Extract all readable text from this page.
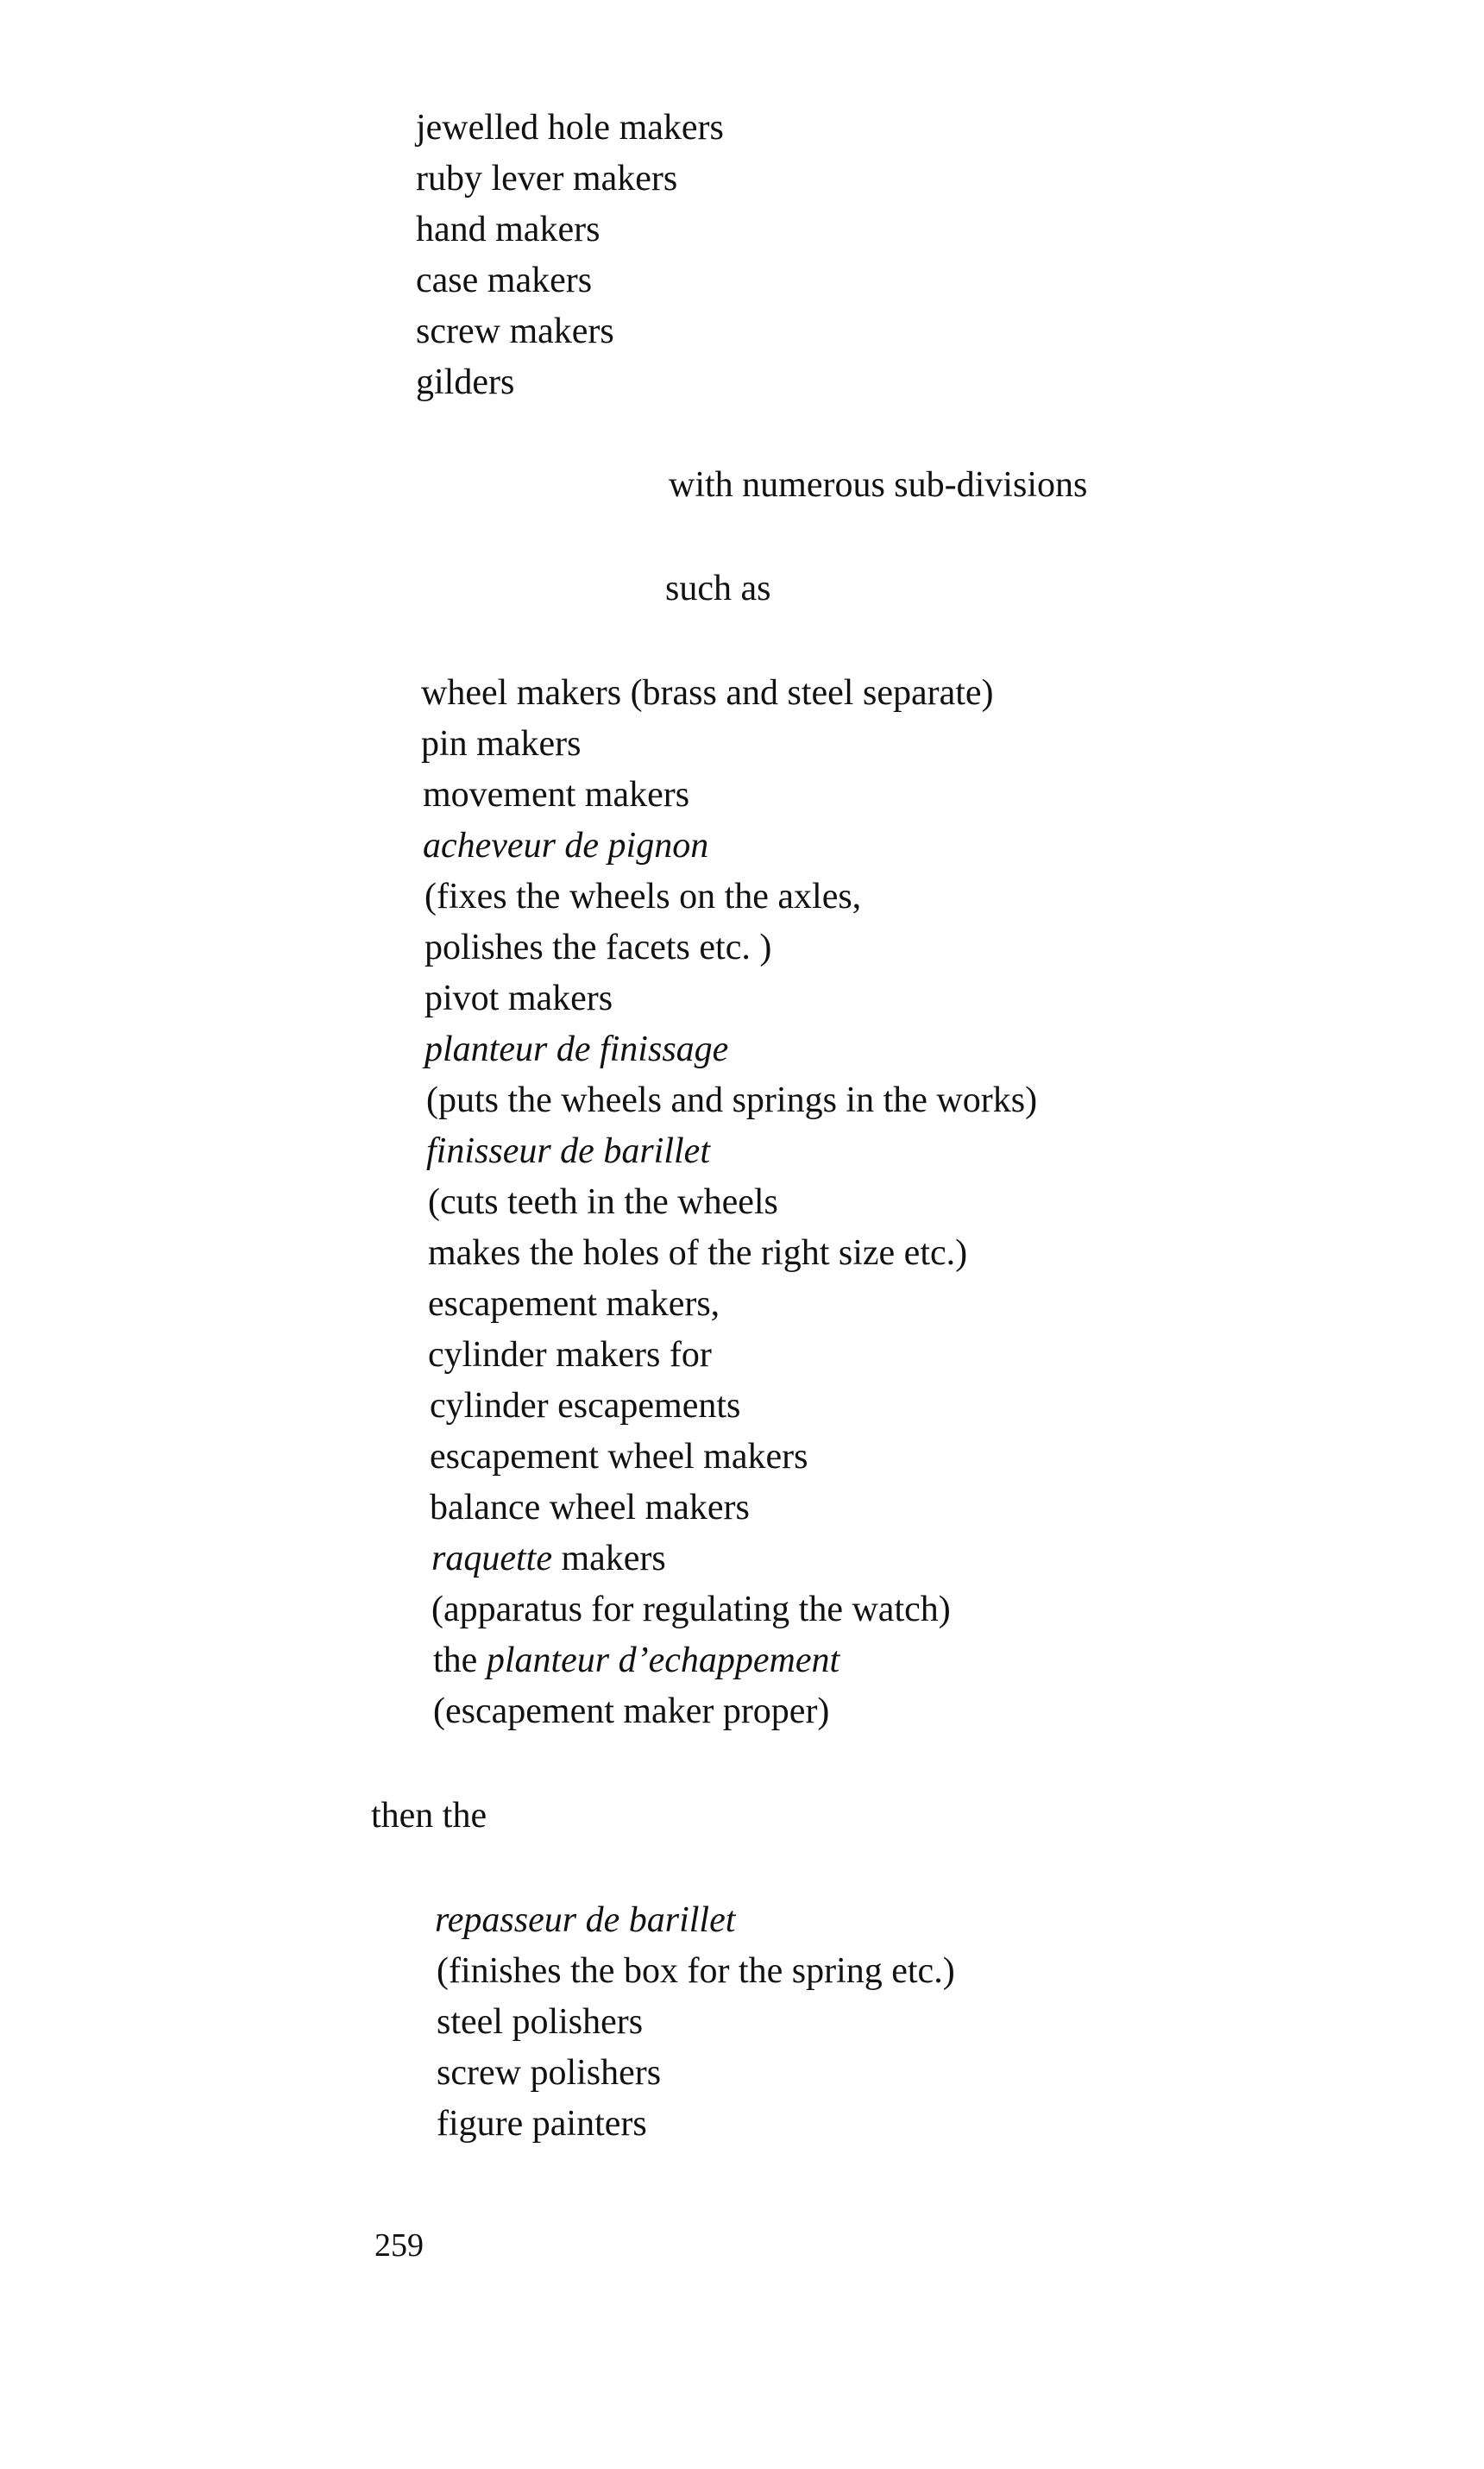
jewelled hole makers
ruby lever makers
hand makers
case makers
screw makers
gilders
with numerous sub-divisions
such as
wheel makers (brass and steel separate)
pin makers
movement makers
acheveur de pignon
(fixes the wheels on the axles,
polishes the facets etc. )
pivot makers
planteur de finissage
(puts the wheels and springs in the works)
finisseur de barillet
(cuts teeth in the wheels
makes the holes of the right size etc.)
escapement makers,
cylinder makers for
cylinder escapements
escapement wheel makers
balance wheel makers
raquette makers
(apparatus for regulating the watch)
the planteur d’echappement
(escapement maker proper)
then the
repasseur de barillet
(finishes the box for the spring etc.)
steel polishers
screw polishers
figure painters
259
